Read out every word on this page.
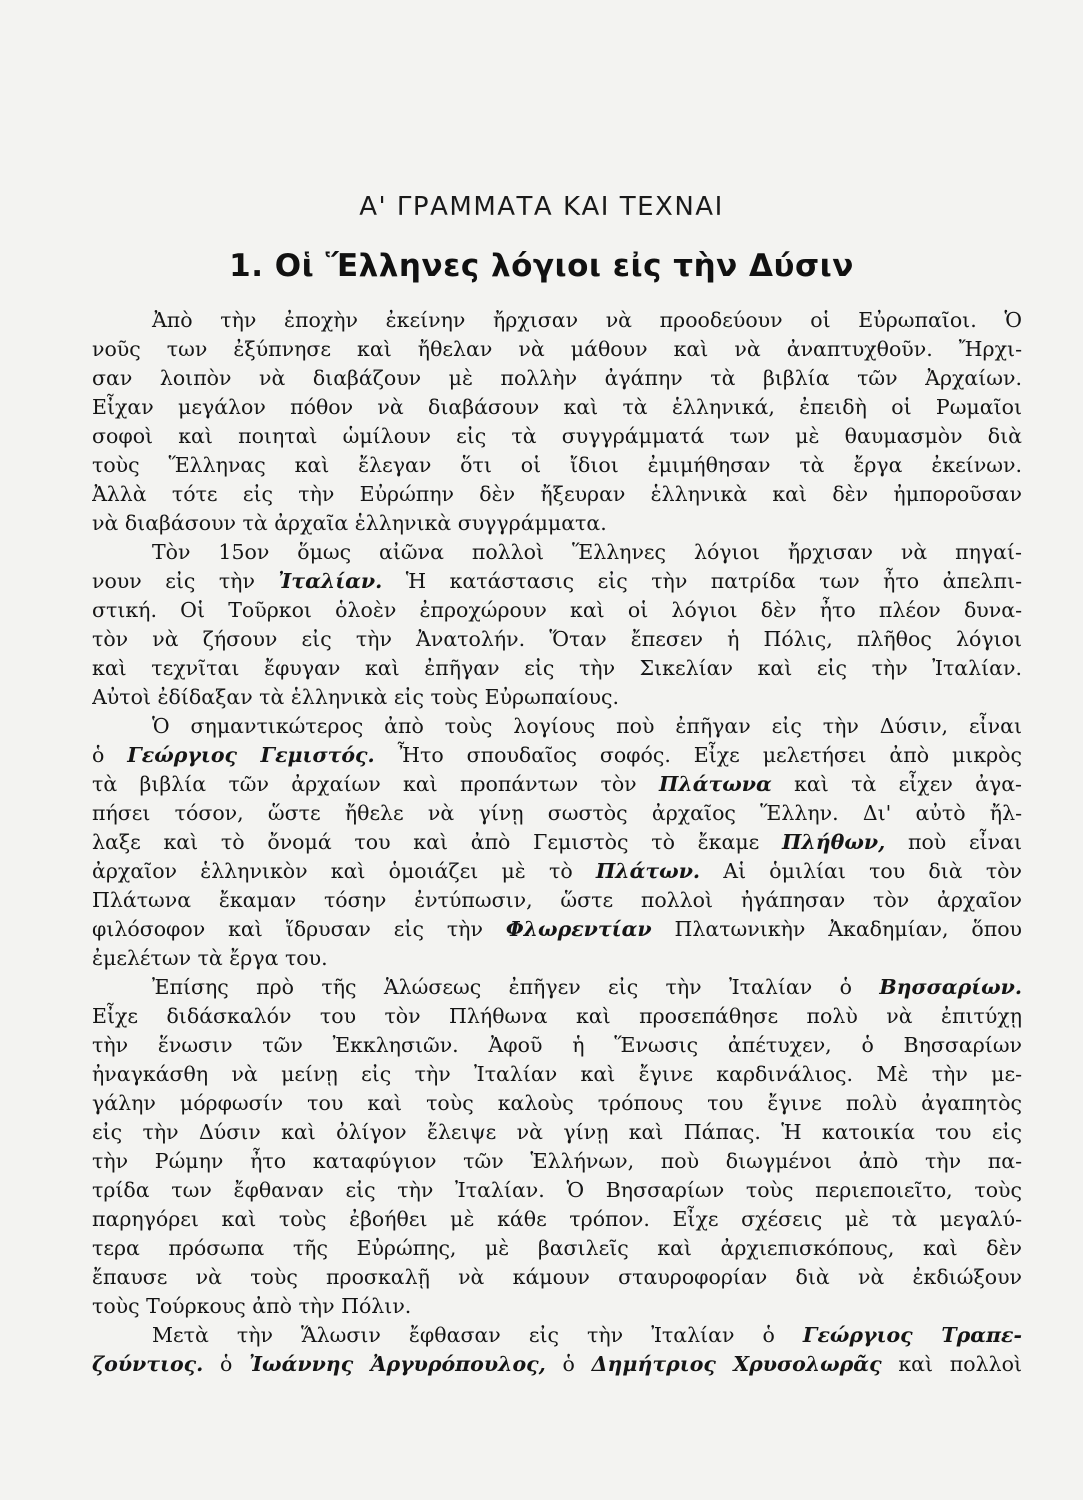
Α' ΓΡΑΜΜΑΤΑ ΚΑΙ ΤΕΧΝΑΙ
1. Οἱ Ἕλληνες λόγιοι εἰς τὴν Δύσιν
Ἀπὸ τὴν ἐποχὴν ἐκείνην ἤρχισαν νὰ προοδεύουν οἱ Εὐρωπαῖοι. Ὁ
νοῦς των ἐξύπνησε καὶ ἤθελαν νὰ μάθουν καὶ νὰ ἀναπτυχθοῦν. Ἤρχι-
σαν λοιπὸν νὰ διαβάζουν μὲ πολλὴν ἀγάπην τὰ βιβλία τῶν Ἀρχαίων.
Εἶχαν μεγάλον πόθον νὰ διαβάσουν καὶ τὰ ἑλληνικά, ἐπειδὴ οἱ Ρωμαῖοι
σοφοὶ καὶ ποιηταὶ ὡμίλουν εἰς τὰ συγγράμματά των μὲ θαυμασμὸν διὰ
τοὺς Ἕλληνας καὶ ἔλεγαν ὅτι οἱ ἴδιοι ἐμιμήθησαν τὰ ἔργα ἐκείνων.
Ἀλλὰ τότε εἰς τὴν Εὐρώπην δὲν ἤξευραν ἑλληνικὰ καὶ δὲν ἠμποροῦσαν
νὰ διαβάσουν τὰ ἀρχαῖα ἑλληνικὰ συγγράμματα.
Τὸν 15ον ὅμως αἰῶνα πολλοὶ Ἕλληνες λόγιοι ἤρχισαν νὰ πηγαί-
νουν εἰς τὴν Ἰταλίαν. Ἡ κατάστασις εἰς τὴν πατρίδα των ἦτο ἀπελπι-
στική. Οἱ Τοῦρκοι ὁλοὲν ἐπροχώρουν καὶ οἱ λόγιοι δὲν ἦτο πλέον δυνα-
τὸν νὰ ζήσουν εἰς τὴν Ἀνατολήν. Ὅταν ἔπεσεν ἡ Πόλις, πλῆθος λόγιοι
καὶ τεχνῖται ἔφυγαν καὶ ἐπῆγαν εἰς τὴν Σικελίαν καὶ εἰς τὴν Ἰταλίαν.
Αὐτοὶ ἐδίδαξαν τὰ ἑλληνικὰ εἰς τοὺς Εὐρωπαίους.
Ὁ σημαντικώτερος ἀπὸ τοὺς λογίους ποὺ ἐπῆγαν εἰς τὴν Δύσιν, εἶναι
ὁ Γεώργιος Γεμιστός. Ἦτο σπουδαῖος σοφός. Εἶχε μελετήσει ἀπὸ μικρὸς
τὰ βιβλία τῶν ἀρχαίων καὶ προπάντων τὸν Πλάτωνα καὶ τὰ εἶχεν ἀγα-
πήσει τόσον, ὥστε ἤθελε νὰ γίνῃ σωστὸς ἀρχαῖος Ἕλλην. Δι' αὐτὸ ἤλ-
λαξε καὶ τὸ ὄνομά του καὶ ἀπὸ Γεμιστὸς τὸ ἔκαμε Πλήθων, ποὺ εἶναι
ἀρχαῖον ἑλληνικὸν καὶ ὁμοιάζει μὲ τὸ Πλάτων. Αἱ ὁμιλίαι του διὰ τὸν
Πλάτωνα ἔκαμαν τόσην ἐντύπωσιν, ὥστε πολλοὶ ἠγάπησαν τὸν ἀρχαῖον
φιλόσοφον καὶ ἵδρυσαν εἰς τὴν Φλωρεντίαν Πλατωνικὴν Ἀκαδημίαν, ὅπου
ἐμελέτων τὰ ἔργα του.
Ἐπίσης πρὸ τῆς Ἁλώσεως ἐπῆγεν εἰς τὴν Ἰταλίαν ὁ Βησσαρίων.
Εἶχε διδάσκαλόν του τὸν Πλήθωνα καὶ προσεπάθησε πολὺ νὰ ἐπιτύχῃ
τὴν ἕνωσιν τῶν Ἐκκλησιῶν. Ἀφοῦ ἡ Ἕνωσις ἀπέτυχεν, ὁ Βησσαρίων
ἠναγκάσθη νὰ μείνῃ εἰς τὴν Ἰταλίαν καὶ ἔγινε καρδινάλιος. Μὲ τὴν με-
γάλην μόρφωσίν του καὶ τοὺς καλοὺς τρόπους του ἔγινε πολὺ ἀγαπητὸς
εἰς τὴν Δύσιν καὶ ὀλίγον ἔλειψε νὰ γίνῃ καὶ Πάπας. Ἡ κατοικία του εἰς
τὴν Ρώμην ἦτο καταφύγιον τῶν Ἑλλήνων, ποὺ διωγμένοι ἀπὸ τὴν πα-
τρίδα των ἔφθαναν εἰς τὴν Ἰταλίαν. Ὁ Βησσαρίων τοὺς περιεποιεῖτο, τοὺς
παρηγόρει καὶ τοὺς ἐβοήθει μὲ κάθε τρόπον. Εἶχε σχέσεις μὲ τὰ μεγαλύ-
τερα πρόσωπα τῆς Εὐρώπης, μὲ βασιλεῖς καὶ ἀρχιεπισκόπους, καὶ δὲν
ἔπαυσε νὰ τοὺς προσκαλῇ νὰ κάμουν σταυροφορίαν διὰ νὰ ἐκδιώξουν
τοὺς Τούρκους ἀπὸ τὴν Πόλιν.
Μετὰ τὴν Ἅλωσιν ἔφθασαν εἰς τὴν Ἰταλίαν ὁ Γεώργιος Τραπε-
ζούντιος. ὁ Ἰωάννης Ἀργυρόπουλος, ὁ Δημήτριος Χρυσολωρᾶς καὶ πολλοὶ
